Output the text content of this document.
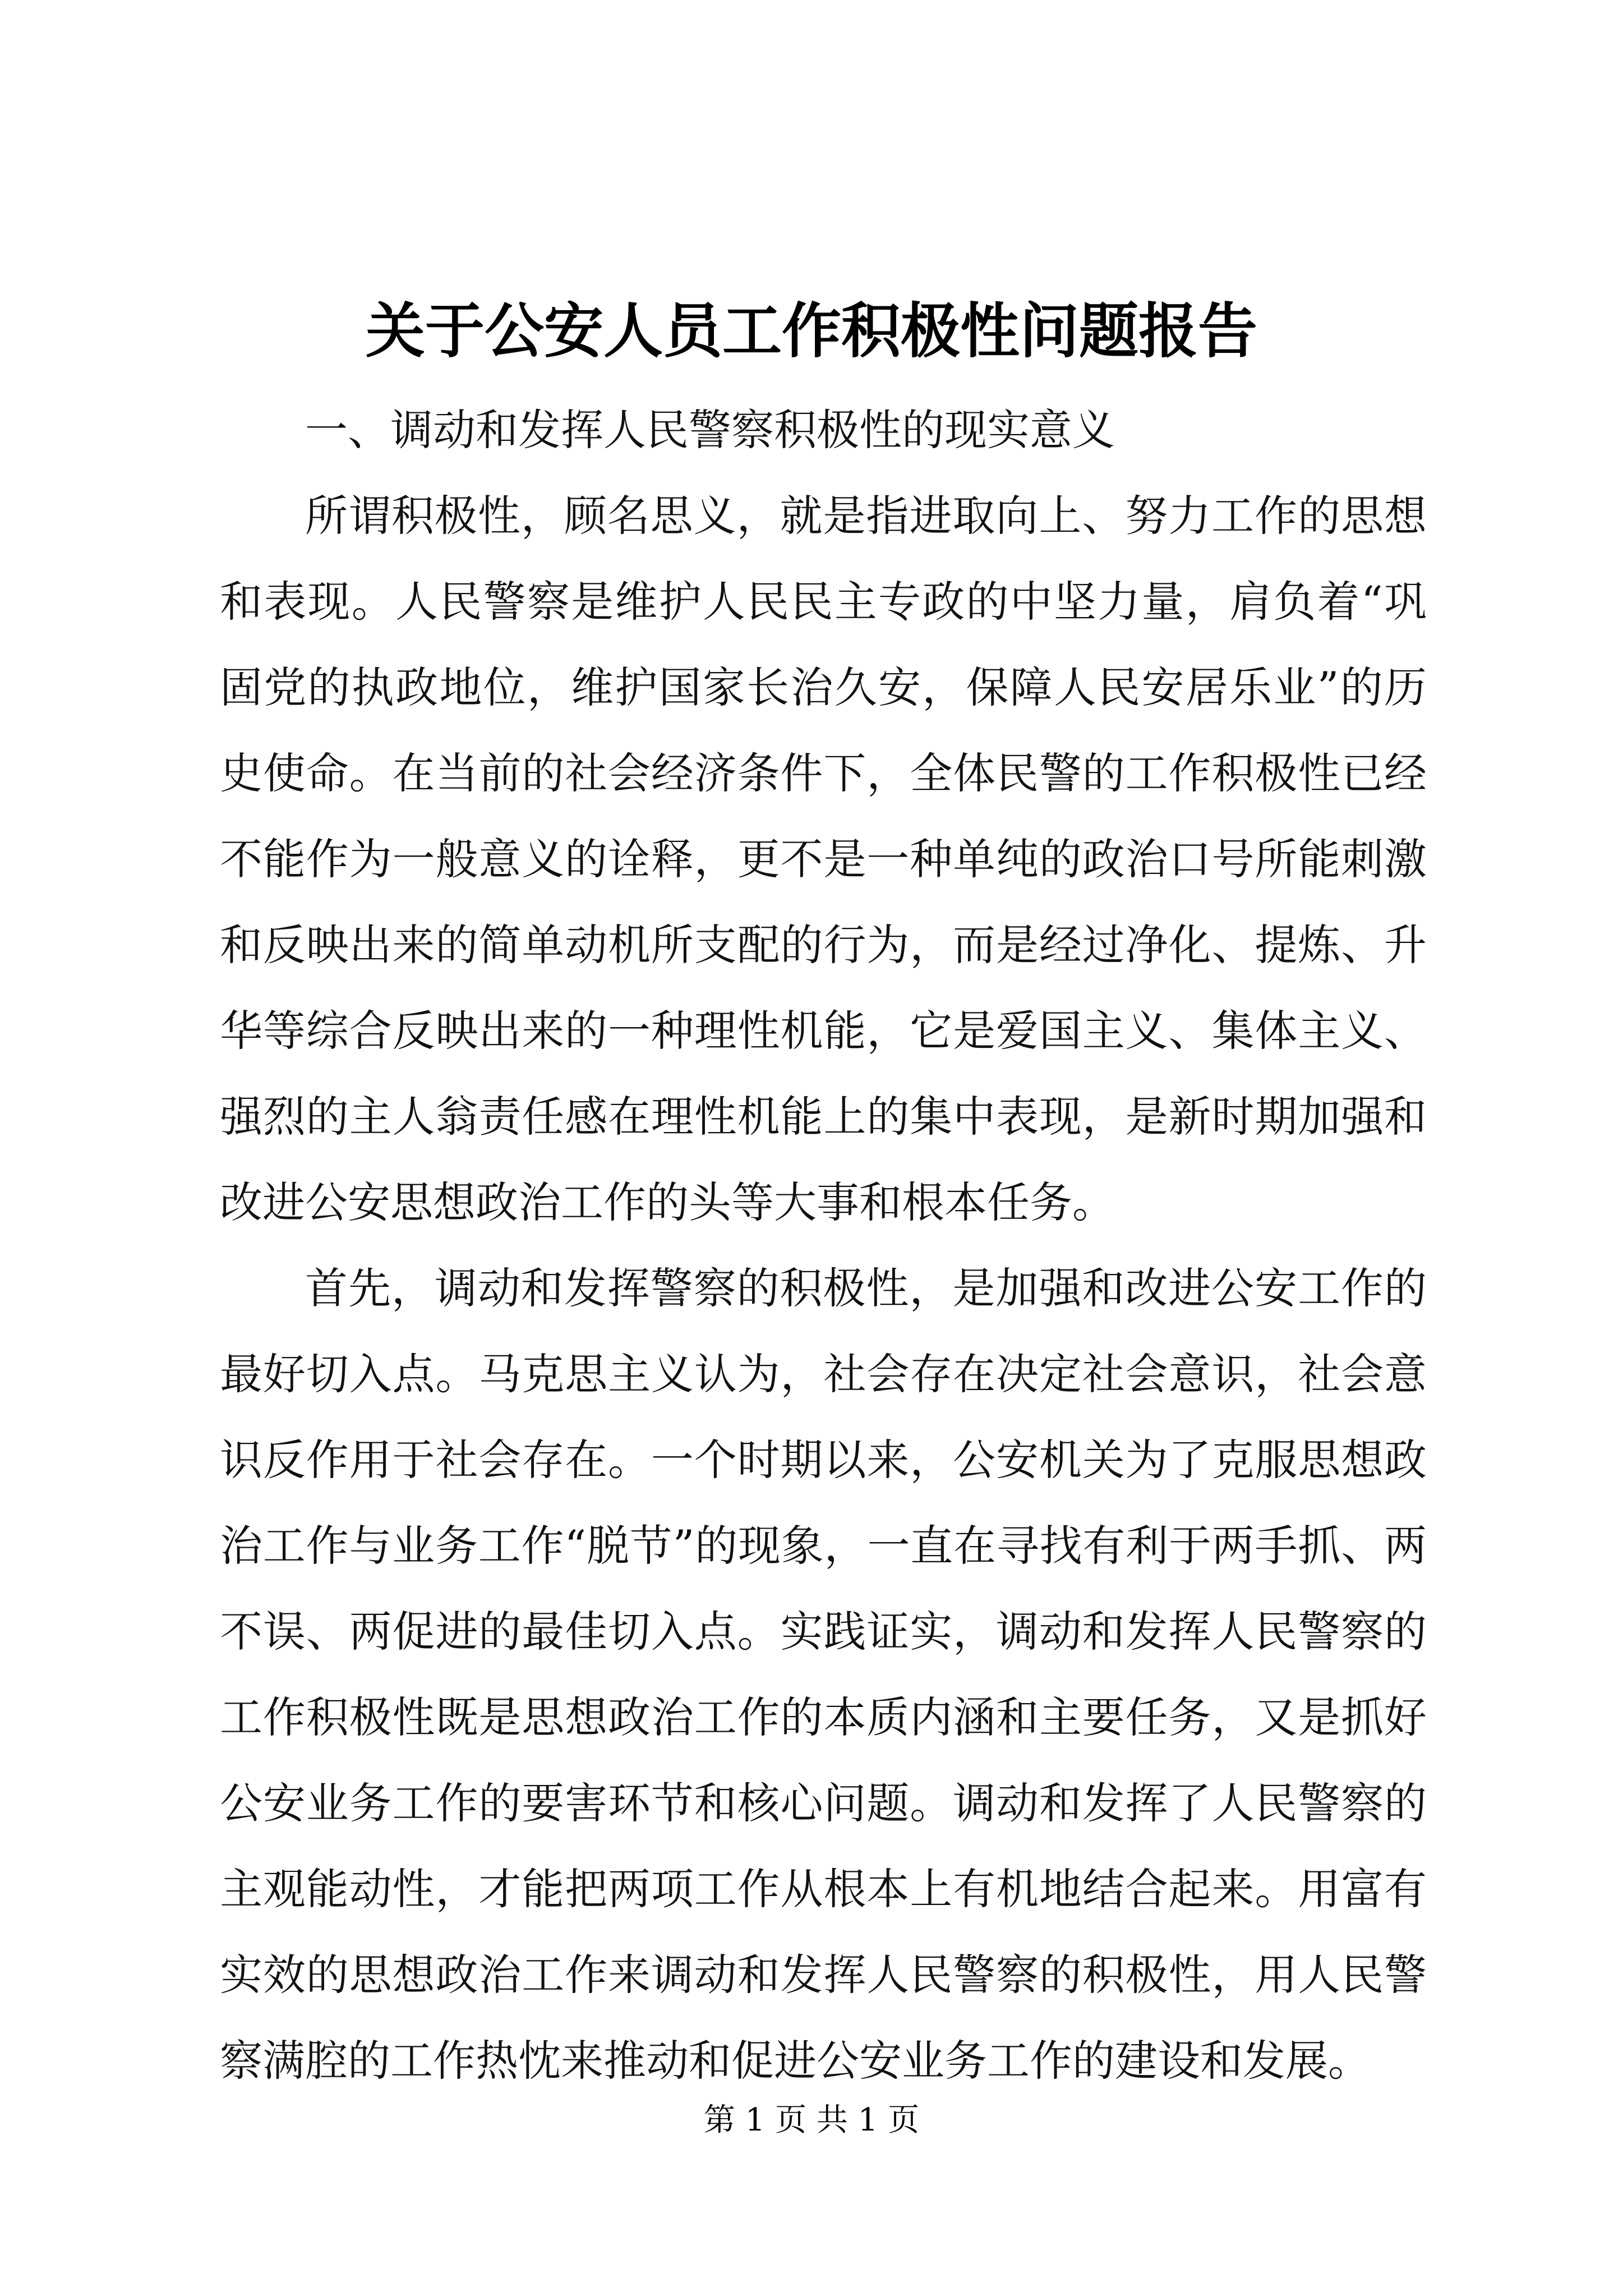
关于公安人员工作积极性问题报告

一、调动和发挥人民警察积极性的现实意义

所谓积极性，顾名思义，就是指进取向上、努力工作的思想和表现。人民警察是维护人民民主专政的中坚力量，肩负着“巩固党的执政地位，维护国家长治久安，保障人民安居乐业”的历史使命。在当前的社会经济条件下，全体民警的工作积极性已经不能作为一般意义的诠释，更不是一种单纯的政治口号所能刺激和反映出来的简单动机所支配的行为，而是经过净化、提炼、升华等综合反映出来的一种理性机能，它是爱国主义、集体主义、强烈的主人翁责任感在理性机能上的集中表现，是新时期加强和改进公安思想政治工作的头等大事和根本任务。

首先，调动和发挥警察的积极性，是加强和改进公安工作的最好切入点。马克思主义认为，社会存在决定社会意识，社会意识反作用于社会存在。一个时期以来，公安机关为了克服思想政治工作与业务工作“脱节”的现象，一直在寻找有利于两手抓、两不误、两促进的最佳切入点。实践证实，调动和发挥人民警察的工作积极性既是思想政治工作的本质内涵和主要任务，又是抓好公安业务工作的要害环节和核心问题。调动和发挥了人民警察的主观能动性，才能把两项工作从根本上有机地结合起来。用富有实效的思想政治工作来调动和发挥人民警察的积极性，用人民警察满腔的工作热忱来推动和促进公安业务工作的建设和发展。

第 1 页 共 1 页
